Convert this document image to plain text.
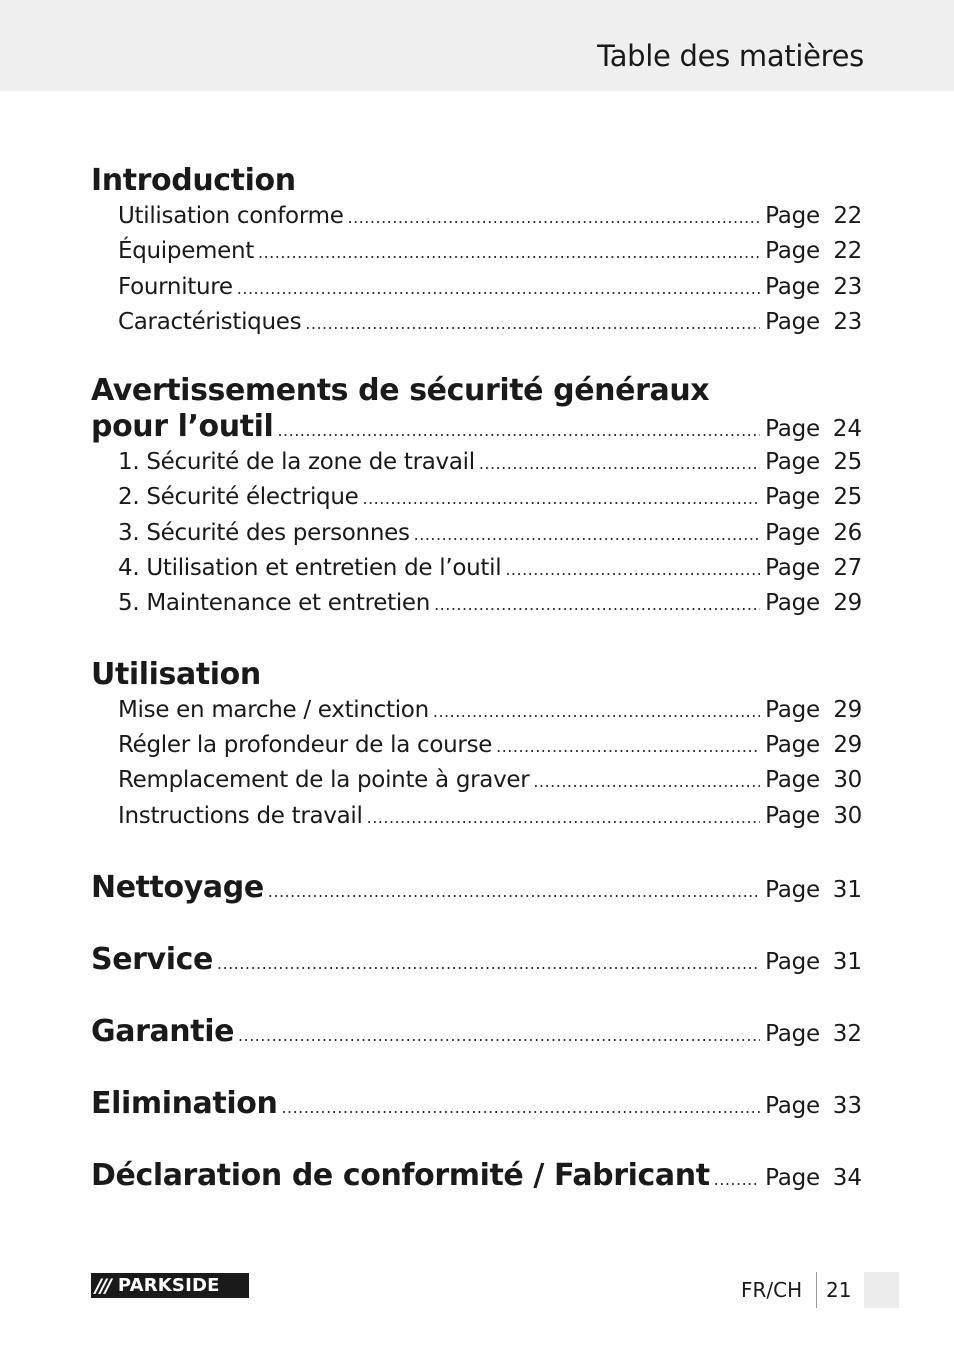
Table des matières
Introduction
Utilisation conforme .....	Page 22
Équipement .....	Page 22
Fourniture .....	Page 23
Caractéristiques .....	Page 23
Avertissements de sécurité généraux
pour l’outil .....	Page 24
1. Sécurité de la zone de travail .....	Page 25
2. Sécurité électrique .....	Page 25
3. Sécurité des personnes .....	Page 26
4. Utilisation et entretien de l’outil .....	Page 27
5. Maintenance et entretien .....	Page 29
Utilisation
Mise en marche / extinction .....	Page 29
Régler la profondeur de la course .....	Page 29
Remplacement de la pointe à graver .....	Page 30
Instructions de travail .....	Page 30
Nettoyage .....	Page 31
Service .....	Page 31
Garantie .....	Page 32
Elimination .....	Page 33
Déclaration de conformité / Fabricant ..... Page 34
/// PARKSIDE	FR/CH 21
